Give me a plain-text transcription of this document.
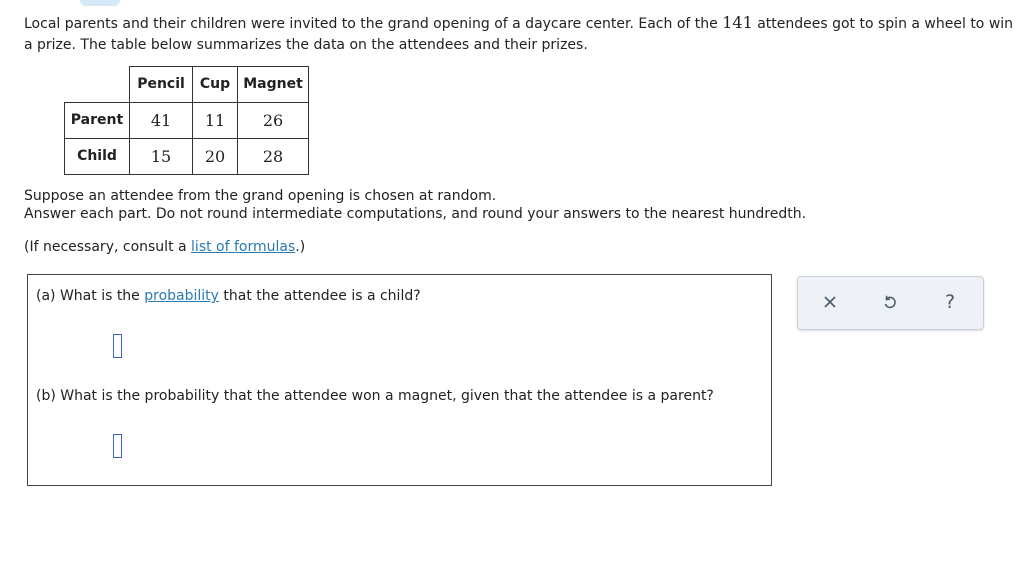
Local parents and their children were invited to the grand opening of a daycare center. Each of the 141 attendees got to spin a wheel to win a prize. The table below summarizes the data on the attendees and their prizes.
	Pencil	Cup	Magnet
Parent	41	11	26
Child	15	20	28
Suppose an attendee from the grand opening is chosen at random.
Answer each part. Do not round intermediate computations, and round your answers to the nearest hundredth.
(If necessary, consult a list of formulas.)
(a) What is the probability that the attendee is a child?
(b) What is the probability that the attendee won a magnet, given that the attendee is a parent?
?
